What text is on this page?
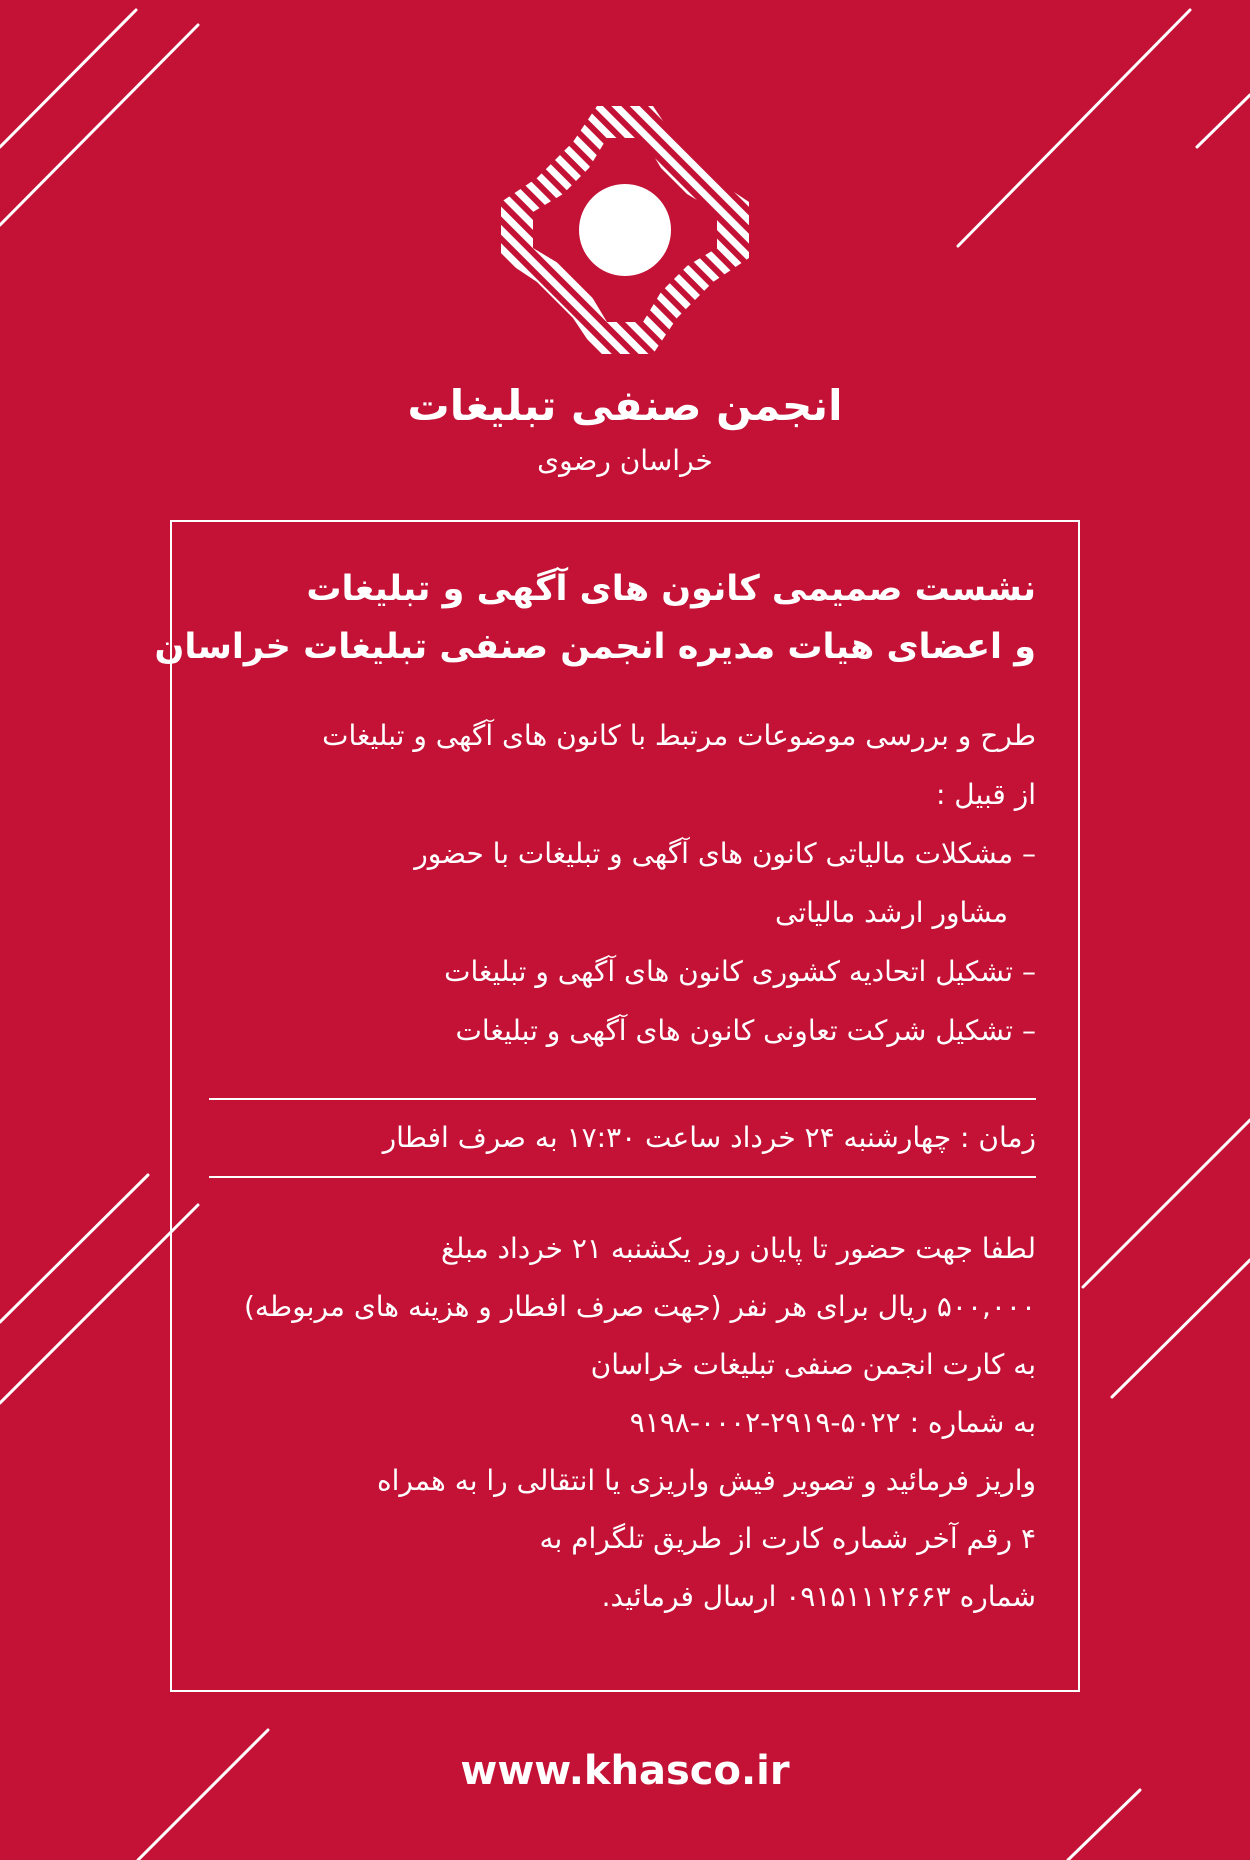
انجمن صنفی تبلیغات
خراسان رضوی
نشست صمیمی کانون های آگهی و تبلیغات
و اعضای هیات مدیره انجمن صنفی تبلیغات خراسان
طرح و بررسی موضوعات مرتبط با کانون های آگهی و تبلیغات
از قبیل :
– مشکلات مالیاتی کانون های آگهی و تبلیغات با حضور
مشاور ارشد مالیاتی
– تشکیل اتحادیه کشوری کانون های آگهی و تبلیغات
– تشکیل شرکت تعاونی کانون های آگهی و تبلیغات
زمان : چهارشنبه ۲۴ خرداد ساعت ۱۷:۳۰ به صرف افطار
لطفا جهت حضور تا پایان روز یکشنبه ۲۱ خرداد مبلغ
۵۰۰,۰۰۰ ریال برای هر نفر (جهت صرف افطار و هزینه های مربوطه)
به کارت انجمن صنفی تبلیغات خراسان
به شماره : ۵۰۲۲-۲۹۱۹-۰۰۰۲-۹۱۹۸
واریز فرمائید و تصویر فیش واریزی یا انتقالی را به همراه
۴ رقم آخر شماره کارت از طریق تلگرام به
شماره ۰۹۱۵۱۱۱۲۶۶۳ ارسال فرمائید.
www.khasco.ir
